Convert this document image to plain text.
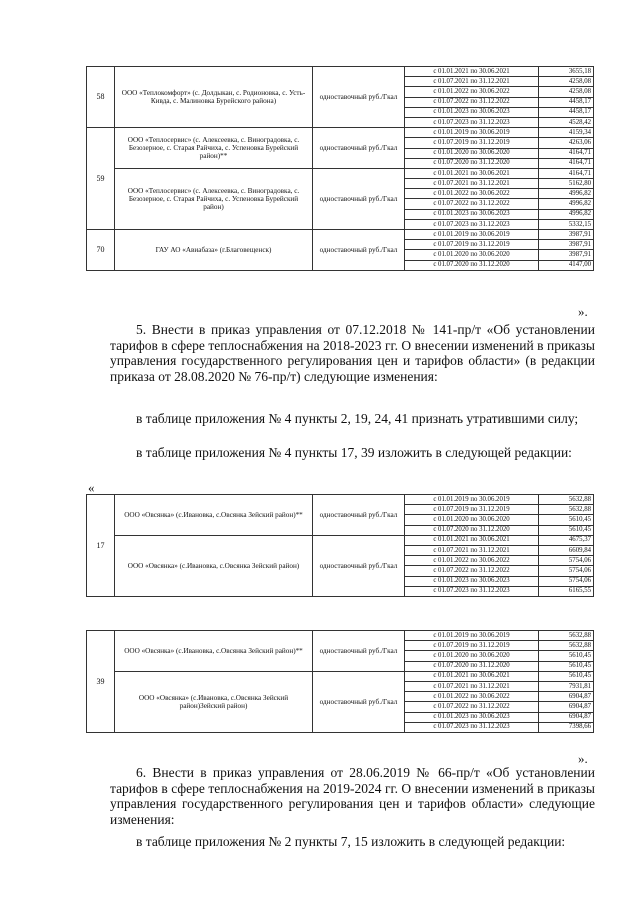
58	ООО «Теплокомфорт» (с. Долдыкан, с. Родионовка, с. Усть-Кивда, с. Малиновка Бурейского района)	одноставочный руб./Гкал	с 01.01.2021 по 30.06.2021	3655,18
			с 01.07.2021 по 31.12.2021	4258,08
			с 01.01.2022 по 30.06.2022	4258,08
			с 01.07.2022 по 31.12.2022	4458,17
			с 01.01.2023 по 30.06.2023	4458,17
			с 01.07.2023 по 31.12.2023	4528,42
59	ООО «Теплосервис» (с. Алексеевка, с. Виноградовка, с. Безозерное, с. Старая Райчиха, с. Успеновка Бурейский район)**	одноставочный руб./Гкал	с 01.01.2019 по 30.06.2019	4159,34
			с 01.07.2019 по 31.12.2019	4263,06
			с 01.01.2020 по 30.06.2020	4164,71
			с 01.07.2020 по 31.12.2020	4164,71
	ООО «Теплосервис» (с. Алексеевка, с. Виноградовка, с. Безозерное, с. Старая Райчиха, с. Успеновка Бурейский район)	одноставочный руб./Гкал	с 01.01.2021 по 30.06.2021	4164,71
			с 01.07.2021 по 31.12.2021	5162,80
			с 01.01.2022 по 30.06.2022	4996,82
			с 01.07.2022 по 31.12.2022	4996,82
			с 01.01.2023 по 30.06.2023	4996,82
			с 01.07.2023 по 31.12.2023	5332,15
70	ГАУ АО «Авиабаза» (г.Благовещенск)	одноставочный руб./Гкал	с 01.01.2019 по 30.06.2019	3987,91
			с 01.07.2019 по 31.12.2019	3987,91
			с 01.01.2020 по 30.06.2020	3987,91
			с 01.07.2020 по 31.12.2020	4147,00
».

5. Внести в приказ управления от 07.12.2018 № 141-пр/т «Об установлении тарифов в сфере теплоснабжения на 2018-2023 гг. О внесении изменений в приказы управления государственного регулирования цен и тарифов области» (в редакции приказа от 28.08.2020 № 76-пр/т) следующие изменения:

в таблице приложения № 4 пункты 2, 19, 24, 41 признать утратившими силу;

в таблице приложения № 4 пункты 17, 39 изложить в следующей редакции:

«
17	ООО «Овсянка» (с.Ивановка, с.Овсянка Зейский район)**	одноставочный руб./Гкал	с 01.01.2019 по 30.06.2019	5632,88
			с 01.07.2019 по 31.12.2019	5632,88
			с 01.01.2020 по 30.06.2020	5610,45
			с 01.07.2020 по 31.12.2020	5610,45
	ООО «Овсянка» (с.Ивановка, с.Овсянка Зейский район)	одноставочный руб./Гкал	с 01.01.2021 по 30.06.2021	4675,37
			с 01.07.2021 по 31.12.2021	6609,84
			с 01.01.2022 по 30.06.2022	5754,06
			с 01.07.2022 по 31.12.2022	5754,06
			с 01.01.2023 по 30.06.2023	5754,06
			с 01.07.2023 по 31.12.2023	6165,55
39	ООО «Овсянка» (с.Ивановка, с.Овсянка Зейский район)**	одноставочный руб./Гкал	с 01.01.2019 по 30.06.2019	5632,88
			с 01.07.2019 по 31.12.2019	5632,88
			с 01.01.2020 по 30.06.2020	5610,45
			с 01.07.2020 по 31.12.2020	5610,45
	ООО «Овсянка» (с.Ивановка, с.Овсянка Зейский район)Зейский район)	одноставочный руб./Гкал	с 01.01.2021 по 30.06.2021	5610,45
			с 01.07.2021 по 31.12.2021	7931,81
			с 01.01.2022 по 30.06.2022	6904,87
			с 01.07.2022 по 31.12.2022	6904,87
			с 01.01.2023 по 30.06.2023	6904,87
			с 01.07.2023 по 31.12.2023	7398,66
».

6. Внести в приказ управления от 28.06.2019 № 66-пр/т «Об установлении тарифов в сфере теплоснабжения на 2019-2024 гг. О внесении изменений в приказы управления государственного регулирования цен и тарифов области» следующие изменения:

в таблице приложения № 2 пункты 7, 15 изложить в следующей редакции:
